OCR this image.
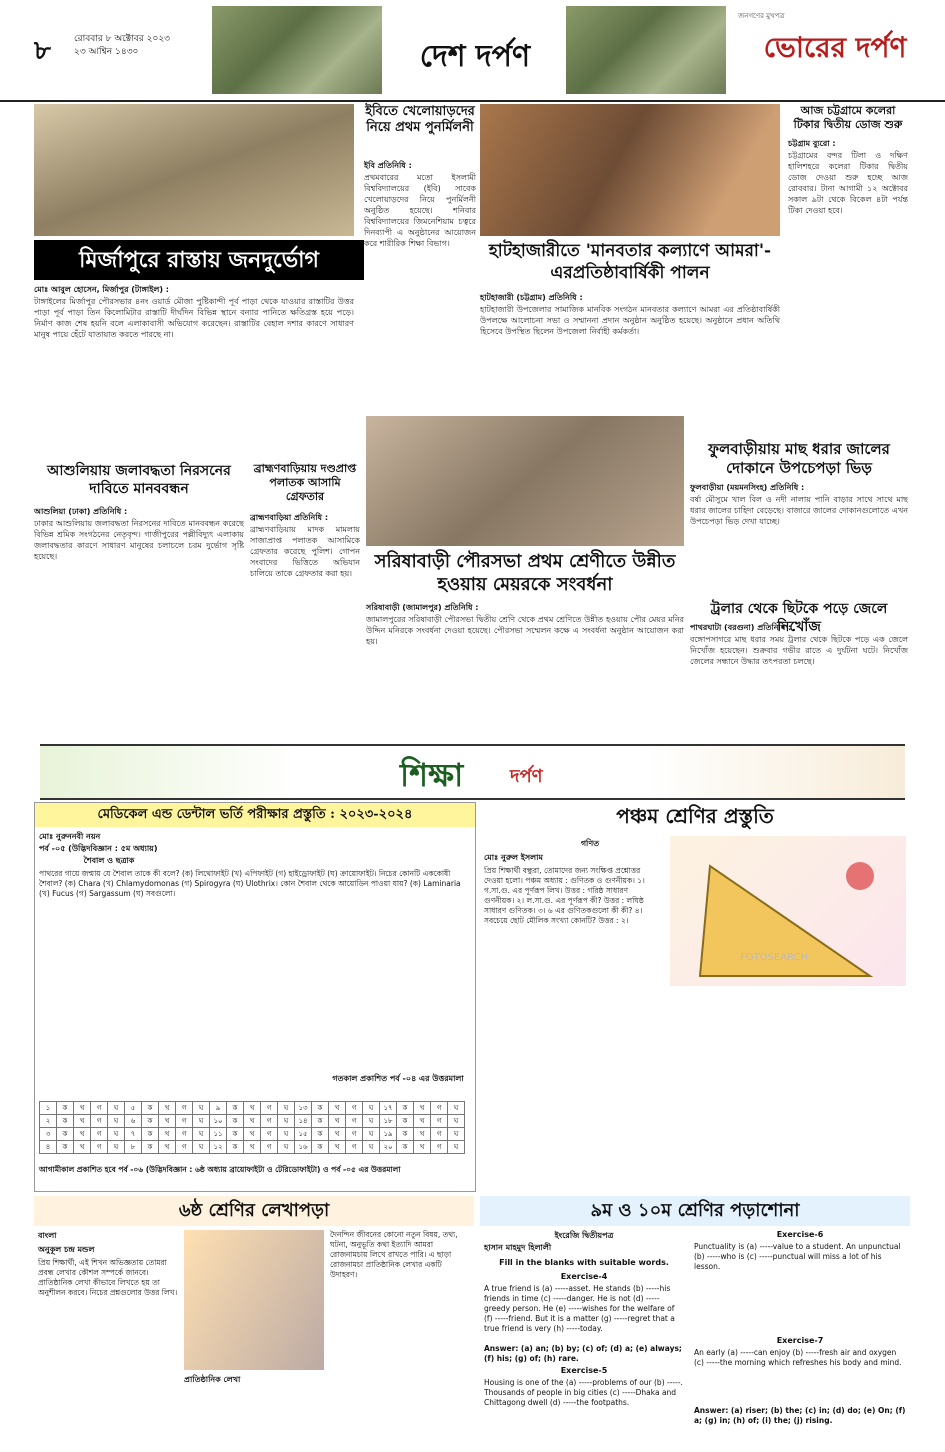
৮	রোববার ৮ অক্টোবর ২০২৩
২৩ আশ্বিন ১৪৩০	দেশ দর্পণ
জনগণের মুখপত্র
ভোরের দর্পণ
মির্জাপুরে রাস্তায় জনদুর্ভোগ
মোঃ আবুল হোসেন, মির্জাপুর (টাঙ্গাইল) :
টাঙ্গাইলের মির্জাপুর পৌরসভার ৪নং ওয়ার্ড মৌজা পুষ্টিকান্দী পূর্ব পাড়া থেকে যাওয়ার রাস্তাটির উত্তর পাড়া পূর্ব পাড়া তিন কিলোমিটার রাস্তাটি দীর্ঘদিন বিভিন্ন স্থানে বন্যার পানিতে ক্ষতিগ্রস্ত হয়ে পড়ে। নির্মাণ কাজ শেষ হয়নি বলে এলাকাবাসী অভিযোগ করেছেন। রাস্তাটির বেহাল দশার কারণে সাধারণ মানুষ পায়ে হেঁটে যাতায়াত করতে পারছে না।
ইবিতে খেলোয়াড়দের নিয়ে প্রথম পুনর্মিলনী
ইবি প্রতিনিধি :
প্রথমবারের মতো ইসলামী বিশ্ববিদ্যালয়ের (ইবি) সাবেক খেলোয়াড়দের নিয়ে পুনর্মিলনী অনুষ্ঠিত হয়েছে। শনিবার বিশ্ববিদ্যালয়ের জিমনেশিয়াম চত্বরে দিনব্যাপী এ অনুষ্ঠানের আয়োজন করে শারীরিক শিক্ষা বিভাগ।	হাটহাজারীতে 'মানবতার কল্যাণে আমরা'-এরপ্রতিষ্ঠাবার্ষিকী পালন
হাটহাজারী (চট্টগ্রাম) প্রতিনিধি :
হাটহাজারী উপজেলার সামাজিক মানবিক সংগঠন মানবতার কল্যাণে আমরা এর প্রতিষ্ঠাবার্ষিকী উপলক্ষে আলোচনা সভা ও সম্মাননা প্রদান অনুষ্ঠান অনুষ্ঠিত হয়েছে। অনুষ্ঠানে প্রধান অতিথি হিসেবে উপস্থিত ছিলেন উপজেলা নির্বাহী কর্মকর্তা।
আজ চট্টগ্রামে কলেরা টিকার দ্বিতীয় ডোজ শুরু
চট্টগ্রাম ব্যুরো :
চট্টগ্রামের বন্দর টিলা ও দক্ষিণ হালিশহরে কলেরা টিকার দ্বিতীয় ডোজ দেওয়া শুরু হচ্ছে আজ রোববার। টানা আগামী ১২ অক্টোবর সকাল ৯টা থেকে বিকেল ৪টা পর্যন্ত টিকা দেওয়া হবে।
আশুলিয়ায় জলাবদ্ধতা নিরসনের দাবিতে মানববন্ধন
আশুলিয়া (ঢাকা) প্রতিনিধি :
ঢাকার আশুলিয়ায় জলাবদ্ধতা নিরসনের দাবিতে মানববন্ধন করেছে বিভিন্ন শ্রমিক সংগঠনের নেতৃবৃন্দ। গাজীপুরের পল্লীবিদ্যুৎ এলাকায় জলাবদ্ধতার কারণে সাধারণ মানুষের চলাচলে চরম দুর্ভোগ সৃষ্টি হয়েছে।
ব্রাহ্মণবাড়িয়ায় দণ্ডপ্রাপ্ত পলাতক আসামি গ্রেফতার
ব্রাহ্মণবাড়িয়া প্রতিনিধি :
ব্রাহ্মণবাড়িয়ায় মাদক মামলায় সাজাপ্রাপ্ত পলাতক আসামিকে গ্রেফতার করেছে পুলিশ। গোপন সংবাদের ভিত্তিতে অভিযান চালিয়ে তাকে গ্রেফতার করা হয়।
সরিষাবাড়ী পৌরসভা প্রথম শ্রেণীতে উন্নীত হওয়ায় মেয়রকে সংবর্ধনা
সরিষাবাড়ী (জামালপুর) প্রতিনিধি :
জামালপুরের সরিষাবাড়ী পৌরসভা দ্বিতীয় শ্রেণি থেকে প্রথম শ্রেণিতে উন্নীত হওয়ায় পৌর মেয়র মনির উদ্দিন মনিরকে সংবর্ধনা দেওয়া হয়েছে। পৌরসভা সম্মেলন কক্ষে এ সংবর্ধনা অনুষ্ঠান আয়োজন করা হয়।
ফুলবাড়ীয়ায় মাছ ধরার জালের দোকানে উপচেপড়া ভিড়
ফুলবাড়ীয়া (ময়মনসিংহ) প্রতিনিধি :
বর্ষা মৌসুমে খাল বিল ও নদী নালায় পানি বাড়ার সাথে সাথে মাছ ধরার জালের চাহিদা বেড়েছে। বাজারে জালের দোকানগুলোতে এখন উপচেপড়া ভিড় দেখা যাচ্ছে।
ট্রলার থেকে ছিটকে পড়ে জেলে নিখোঁজ
পাথরঘাটা (বরগুনা) প্রতিনিধি :
বঙ্গোপসাগরে মাছ ধরার সময় ট্রলার থেকে ছিটকে পড়ে এক জেলে নিখোঁজ হয়েছেন। শুক্রবার গভীর রাতে এ দুর্ঘটনা ঘটে। নিখোঁজ জেলের সন্ধানে উদ্ধার তৎপরতা চলছে।
শিক্ষা	দর্পণ
মেডিকেল এন্ড ডেন্টাল ভর্তি পরীক্ষার প্রস্তুতি : ২০২৩-২০২৪
মোঃ নুরুননবী নয়ন
পর্ব -০৫ (উদ্ভিদবিজ্ঞান : ৫ম অধ্যায়)
শৈবাল ও ছত্রাক
পাথরের গায়ে জন্মায় যে শৈবাল তাকে কী বলে? (ক) লিথোফাইট (খ) এপিফাইট (গ) হাইড্রোফাইট (ঘ) ক্রায়োফাইট। নিচের কোনটি এককোষী শৈবাল? (ক) Chara (খ) Chlamydomonas (গ) Spirogyra (ঘ) Ulothrix। কোন শৈবাল থেকে আয়োডিন পাওয়া যায়? (ক) Laminaria (খ) Fucus (গ) Sargassum (ঘ) সবগুলো।
গতকাল প্রকাশিত পর্ব -০৪ এর উত্তরমালা
১	ক	খ	গ	ঘ	৫	ক	খ	গ	ঘ	৯	ক	খ	গ	ঘ	১৩	ক	খ	গ	ঘ	১৭	ক	খ	গ	ঘ
২	ক	খ	গ	ঘ	৬	ক	খ	গ	ঘ	১০	ক	খ	গ	ঘ	১৪	ক	খ	গ	ঘ	১৮	ক	খ	গ	ঘ
৩	ক	খ	গ	ঘ	৭	ক	খ	গ	ঘ	১১	ক	খ	গ	ঘ	১৫	ক	খ	গ	ঘ	১৯	ক	খ	গ	ঘ
৪	ক	খ	গ	ঘ	৮	ক	খ	গ	ঘ	১২	ক	খ	গ	ঘ	১৬	ক	খ	গ	ঘ	২০	ক	খ	গ	ঘ
আগামীকাল প্রকাশিত হবে পর্ব -০৬ (উদ্ভিদবিজ্ঞান : ৬ষ্ঠ অধ্যায় ব্রায়োফাইটা ও টেরিডোফাইটা) ও পর্ব -০৫ এর উত্তরমালা
পঞ্চম শ্রেণির প্রস্তুতি
গণিত
মোঃ নুরুল ইসলাম
প্রিয় শিক্ষার্থী বন্ধুরা, তোমাদের জন্য সংক্ষিপ্ত প্রশ্নোত্তর দেওয়া হলো। পঞ্চম অধ্যায় : গুণিতক ও গুণনীয়ক। ১। গ.সা.গু. এর পূর্ণরূপ লিখ। উত্তর : গরিষ্ঠ সাধারণ গুণনীয়ক। ২। ল.সা.গু. এর পূর্ণরূপ কী? উত্তর : লঘিষ্ঠ সাধারণ গুণিতক। ৩। ৬ এর গুণিতকগুলো কী কী? ৪। সবচেয়ে ছোট মৌলিক সংখ্যা কোনটি? উত্তর : ২।
FOTOSEARCH
৬ষ্ঠ শ্রেণির লেখাপড়া
বাংলা
অনুকূল চন্দ্র মন্ডল
প্রিয় শিক্ষার্থী, এই শিখন অভিজ্ঞতায় তোমরা প্রবন্ধ লেখার কৌশল সম্পর্কে জানবে। প্রাতিষ্ঠানিক লেখা কীভাবে লিখতে হয় তা অনুশীলন করবে। নিচের প্রশ্নগুলোর উত্তর লিখ।
প্রাতিষ্ঠানিক লেখা
দৈনন্দিন জীবনের কোনো নতুন বিষয়, তথ্য, ঘটনা, অনুভূতি কথা ইত্যাদি আমরা রোজনামচায় লিখে রাখতে পারি। এ ছাড়া রোজনামচা প্রাতিষ্ঠানিক লেখার একটি উদাহরণ।
৯ম ও ১০ম শ্রেণির পড়াশোনা
ইংরেজি দ্বিতীয়পত্র
হাসান মাহমুদ হিলালী
Fill in the blanks with suitable words.
Exercise-4
A true friend is (a) -----asset. He stands (b) -----his friends in time (c) -----danger. He is not (d) -----greedy person. He (e) -----wishes for the welfare of (f) -----friend. But it is a matter (g) -----regret that a true friend is very (h) -----today.
Answer: (a) an; (b) by; (c) of; (d) a; (e) always; (f) his; (g) of; (h) rare.
Exercise-5
Housing is one of the (a) -----problems of our (b) -----. Thousands of people in big cities (c) -----Dhaka and Chittagong dwell (d) -----the footpaths.
Exercise-6
Punctuality is (a) -----value to a student. An unpunctual (b) -----who is (c) -----punctual will miss a lot of his lesson.
Exercise-7
An early (a) -----can enjoy (b) -----fresh air and oxygen (c) -----the morning which refreshes his body and mind.
Answer: (a) riser; (b) the; (c) in; (d) do; (e) On; (f) a; (g) in; (h) of; (i) the; (j) rising.
